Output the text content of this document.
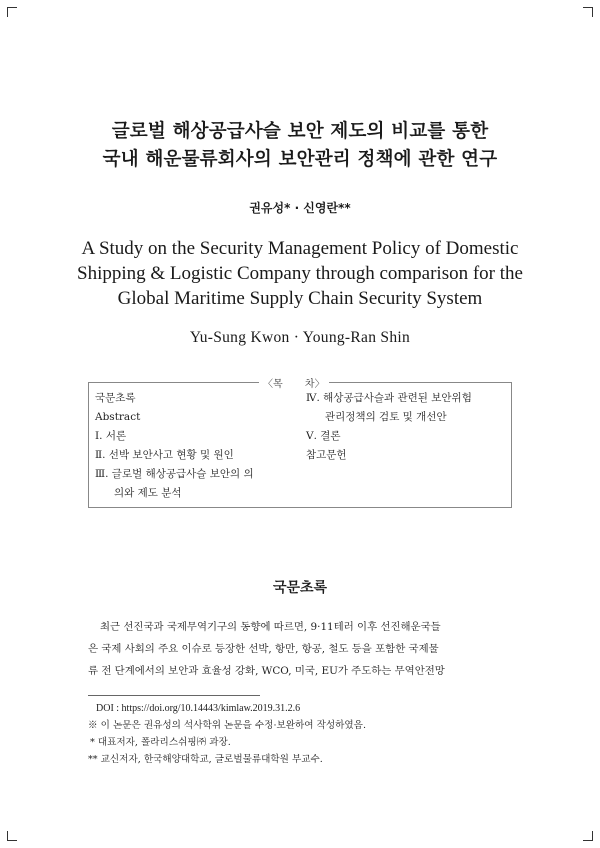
글로벌 해상공급사슬 보안 제도의 비교를 통한
국내 해운물류회사의 보안관리 정책에 관한 연구
권유성* · 신영란**
A Study on the Security Management Policy of Domestic
Shipping & Logistic Company through comparison for the
Global Maritime Supply Chain Security System
Yu-Sung Kwon · Young-Ran Shin
〈목       차〉
국문초록
Abstract
Ⅰ. 서론
Ⅱ. 선박 보안사고 현황 및 원인
Ⅲ. 글로벌 해상공급사슬 보안의 의
의와 제도 분석
Ⅳ. 해상공급사슬과 관련된 보안위험
관리정책의 검토 및 개선안
Ⅴ. 결론
참고문헌
국문초록
최근 선진국과 국제무역기구의 동향에 따르면, 9·11테러 이후 선진해운국들
은 국제 사회의 주요 이슈로 등장한 선박, 항만, 항공, 철도 등을 포함한 국제물
류 전 단계에서의 보안과 효율성 강화, WCO, 미국, EU가 주도하는 무역안전망
DOI : https://doi.org/10.14443/kimlaw.2019.31.2.6
※ 이 논문은 권유성의 석사학위 논문을 수정·보완하여 작성하였음.
* 대표저자, 폴라리스쉬핑㈜ 과장.
** 교신저자, 한국해양대학교, 글로벌물류대학원 부교수.
